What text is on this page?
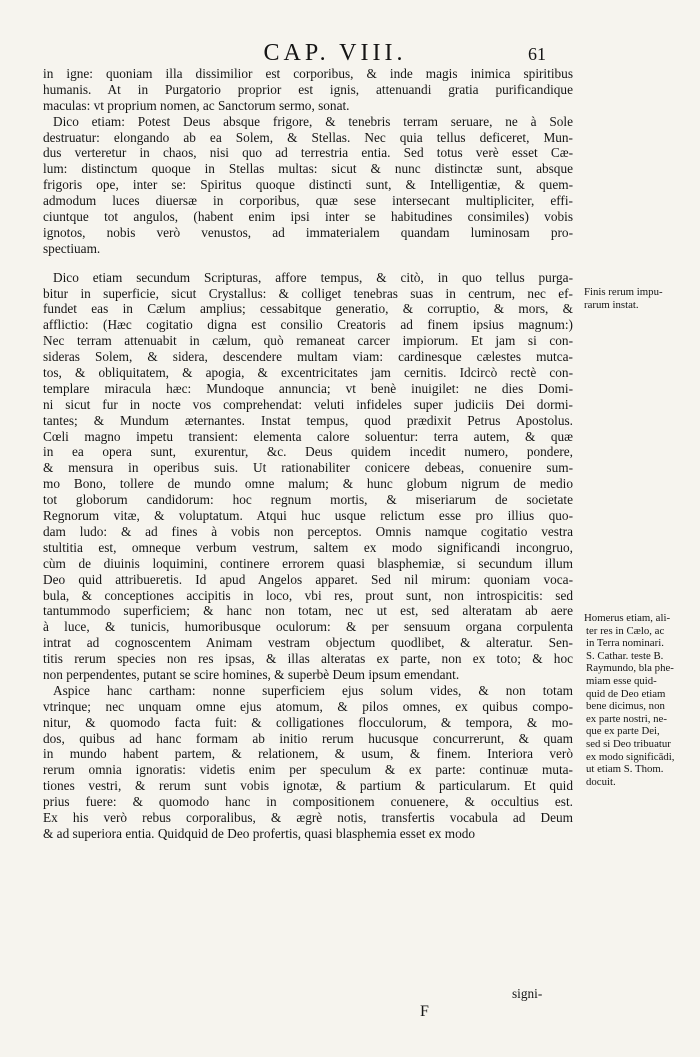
CAP. VIII.	61
in igne: quoniam illa dissimilior est corporibus, & inde magis inimica spiritibus
humanis. At in Purgatorio proprior est ignis, attenuandi gratia purificandique
maculas: vt proprium nomen, ac Sanctorum sermo, sonat.
Dico etiam: Potest Deus absque frigore, & tenebris terram seruare, ne à Sole
destruatur: elongando ab ea Solem, & Stellas. Nec quia tellus deficeret, Mun-
dus verteretur in chaos, nisi quo ad terrestria entia. Sed totus verè esset Cæ-
lum: distinctum quoque in Stellas multas: sicut & nunc distinctæ sunt, absque
frigoris ope, inter se: Spiritus quoque distincti sunt, & Intelligentiæ, & quem-
admodum luces diuersæ in corporibus, quæ sese intersecant multipliciter, effi-
ciuntque tot angulos, (habent enim ipsi inter se habitudines consimiles) vobis
ignotos, nobis verò venustos, ad immaterialem quandam luminosam pro-
spectiuam.
Dico etiam secundum Scripturas, affore tempus, & citò, in quo tellus purga-
bitur in superficie, sicut Crystallus: & colliget tenebras suas in centrum, nec ef-
fundet eas in Cælum amplius; cessabitque generatio, & corruptio, & mors, &
afflictio: (Hæc cogitatio digna est consilio Creatoris ad finem ipsius magnum:)
Nec terram attenuabit in cælum, quò remaneat carcer impiorum. Et jam si con-
sideras Solem, & sidera, descendere multam viam: cardinesque cælestes mutca-
tos, & obliquitatem, & apogia, & excentricitates jam cernitis. Idcircò rectè con-
templare miracula hæc: Mundoque annuncia; vt benè inuigilet: ne dies Domi-
ni sicut fur in nocte vos comprehendat: veluti infideles super judiciis Dei dormi-
tantes; & Mundum æternantes. Instat tempus, quod prædixit Petrus Apostolus.
Cœli magno impetu transient: elementa calore soluentur: terra autem, & quæ
in ea opera sunt, exurentur, &c. Deus quidem incedit numero, pondere,
& mensura in operibus suis. Ut rationabiliter conicere debeas, conuenire sum-
mo Bono, tollere de mundo omne malum; & hunc globum nigrum de medio
tot globorum candidorum: hoc regnum mortis, & miseriarum de societate
Regnorum vitæ, & voluptatum. Atqui huc usque relictum esse pro illius quo-
dam ludo: & ad fines à vobis non perceptos. Omnis namque cogitatio vestra
stultitia est, omneque verbum vestrum, saltem ex modo significandi incongruo,
cùm de diuinis loquimini, continere errorem quasi blasphemiæ, si secundum illum
Deo quid attribueretis. Id apud Angelos apparet. Sed nil mirum: quoniam voca-
bula, & conceptiones accipitis in loco, vbi res, prout sunt, non introspicitis: sed
tantummodo superficiem; & hanc non totam, nec ut est, sed alteratam ab aere
à luce, & tunicis, humoribusque oculorum: & per sensuum organa corpulenta
intrat ad cognoscentem Animam vestram objectum quodlibet, & alteratur. Sen-
titis rerum species non res ipsas, & illas alteratas ex parte, non ex toto; & hoc
non perpendentes, putant se scire homines, & superbè Deum ipsum emendant.
Aspice hanc cartham: nonne superficiem ejus solum vides, & non totam
vtrinque; nec unquam omne ejus atomum, & pilos omnes, ex quibus compo-
nitur, & quomodo facta fuit: & colligationes flocculorum, & tempora, & mo-
dos, quibus ad hanc formam ab initio rerum hucusque concurrerunt, & quam
in mundo habent partem, & relationem, & usum, & finem. Interiora verò
rerum omnia ignoratis: videtis enim per speculum & ex parte: continuæ muta-
tiones vestri, & rerum sunt vobis ignotæ, & partium & particularum. Et quid
prius fuere: & quomodo hanc in compositionem conuenere, & occultius est.
Ex his verò rebus corporalibus, & ægrè notis, transfertis vocabula ad Deum
& ad superiora entia. Quidquid de Deo profertis, quasi blasphemia esset ex modo
Finis rerum impu-
rarum instat.
Homerus etiam, ali-
ter res in Cælo, ac
in Terra nominari.
S. Cathar. teste B.
Raymundo, bla phe-
miam esse quid-
quid de Deo etiam
bene dicimus, non
ex parte nostri, ne-
que ex parte Dei,
sed si Deo tribuatur
ex modo significādi,
ut etiam S. Thom.
docuit.
F
signi-
